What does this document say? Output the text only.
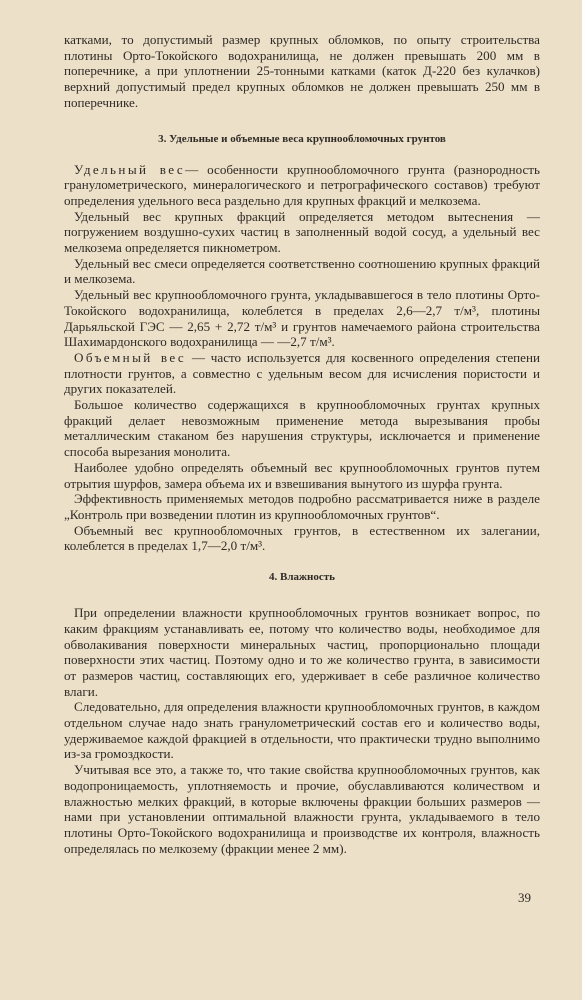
катками, то допустимый размер крупных обломков, по опыту строительства плотины Орто-Токойского водохранилища, не должен превышать 200 мм в поперечнике, а при уплотнении 25-тонными катками (каток Д-220 без кулачков) верхний допустимый предел крупных обломков не должен превышать 250 мм в поперечнике.

3. Удельные и объемные веса крупнообломочных грунтов

Удельный вес— особенности крупнообломочного грунта (разнородность гранулометрического, минералогического и петрографического составов) требуют определения удельного веса раздельно для крупных фракций и мелкозема.

Удельный вес крупных фракций определяется методом вытеснения — погружением воздушно-сухих частиц в заполненный водой сосуд, а удельный вес мелкозема определяется пикнометром.

Удельный вес смеси определяется соответственно соотношению крупных фракций и мелкозема.

Удельный вес крупнообломочного грунта, укладывавшегося в тело плотины Орто-Токойского водохранилища, колеблется в пределах 2,6—2,7 т/м³, плотины Дарьяльской ГЭС — 2,65 + 2,72 т/м³ и грунтов намечаемого района строительства Шахимардонского водохранилища — —2,7 т/м³.

Объемный вес — часто используется для косвенного определения степени плотности грунтов, а совместно с удельным весом для исчисления пористости и других показателей.

Большое количество содержащихся в крупнообломочных грунтах крупных фракций делает невозможным применение метода вырезывания пробы металлическим стаканом без нарушения структуры, исключается и применение способа вырезания монолита.

Наиболее удобно определять объемный вес крупнообломочных грунтов путем отрытия шурфов, замера объема их и взвешивания вынутого из шурфа грунта.

Эффективность применяемых методов подробно рассматривается ниже в разделе „Контроль при возведении плотин из крупнообломочных грунтов“.

Объемный вес крупнообломочных грунтов, в естественном их залегании, колеблется в пределах 1,7—2,0 т/м³.

4. Влажность

При определении влажности крупнообломочных грунтов возникает вопрос, по каким фракциям устанавливать ее, потому что количество воды, необходимое для обволакивания поверхности минеральных частиц, пропорционально площади поверхности этих частиц. Поэтому одно и то же количество грунта, в зависимости от размеров частиц, составляющих его, удерживает в себе различное количество влаги.

Следовательно, для определения влажности крупнообломочных грунтов, в каждом отдельном случае надо знать гранулометрический состав его и количество воды, удерживаемое каждой фракцией в отдельности, что практически трудно выполнимо из-за громоздкости.

Учитывая все это, а также то, что такие свойства крупнообломочных грунтов, как водопроницаемость, уплотняемость и прочие, обуславливаются количеством и влажностью мелких фракций, в которые включены фракции больших размеров — нами при установлении оптимальной влажности грунта, укладываемого в тело плотины Орто-Токойского водохранилища и производстве их контроля, влажность определялась по мелкозему (фракции менее 2 мм).

39
